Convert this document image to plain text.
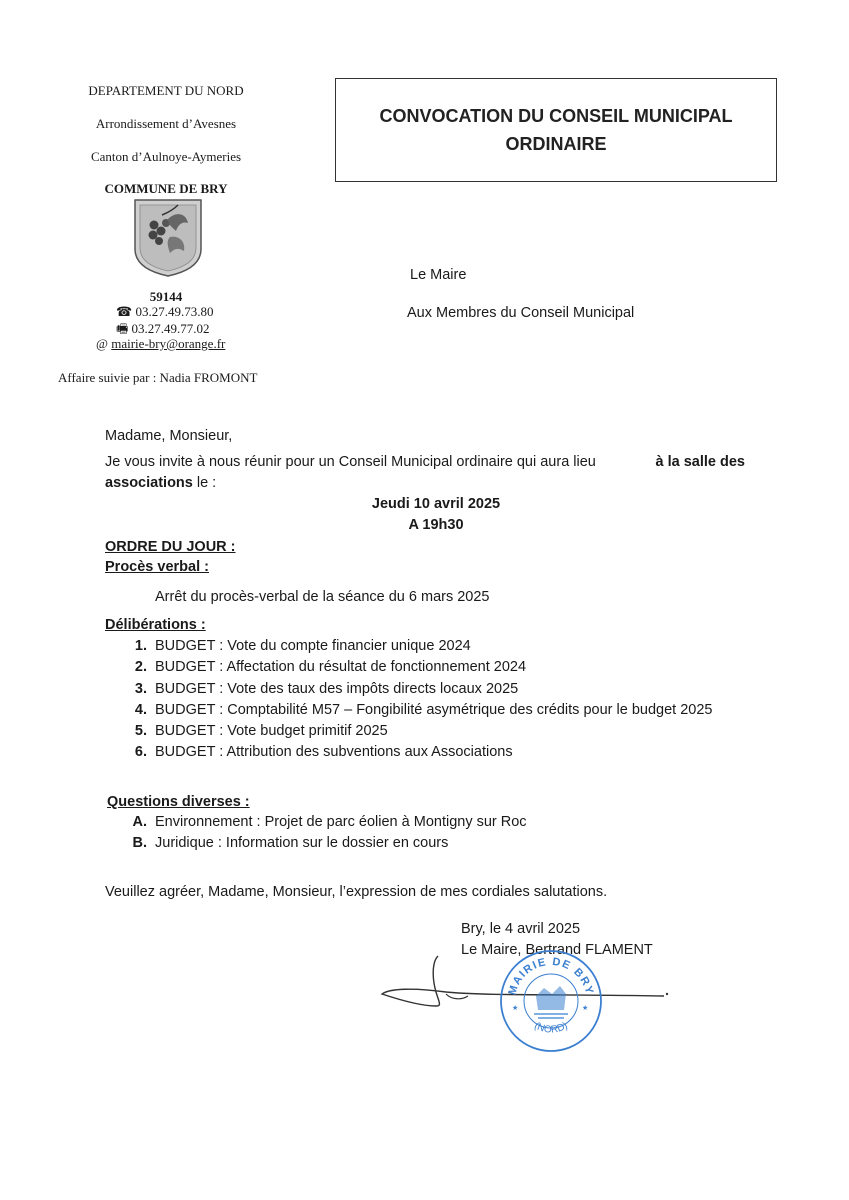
DEPARTEMENT DU NORD
Arrondissement d’Avesnes
Canton d’Aulnoye-Aymeries
COMMUNE DE BRY
59144
☎ 03.27.49.73.80
🖷 03.27.49.77.02
@ mairie-bry@orange.fr
Affaire suivie par : Nadia FROMONT
CONVOCATION DU CONSEIL MUNICIPAL
ORDINAIRE
Le Maire
Aux Membres du Conseil Municipal
Madame, Monsieur,
Je vous invite à nous réunir pour un Conseil Municipal ordinaire qui aura lieu	à la salle des
associations le :
Jeudi 10 avril 2025
A 19h30
ORDRE DU JOUR :
Procès verbal :
Arrêt du procès-verbal de la séance du 6 mars 2025
Délibérations :
1. BUDGET : Vote du compte financier unique 2024
2. BUDGET : Affectation du résultat de fonctionnement 2024
3. BUDGET : Vote des taux des impôts directs locaux 2025
4. BUDGET : Comptabilité M57 – Fongibilité asymétrique des crédits pour le budget 2025
5. BUDGET : Vote budget primitif 2025
6. BUDGET : Attribution des subventions aux Associations
Questions diverses :
A. Environnement : Projet de parc éolien à Montigny sur Roc
B. Juridique : Information sur le dossier en cours
Veuillez agréer, Madame, Monsieur, l’expression de mes cordiales salutations.
Bry, le 4 avril 2025
Le Maire, Bertrand FLAMENT
MAIRIE DE BRY
(NORD)
★	★
